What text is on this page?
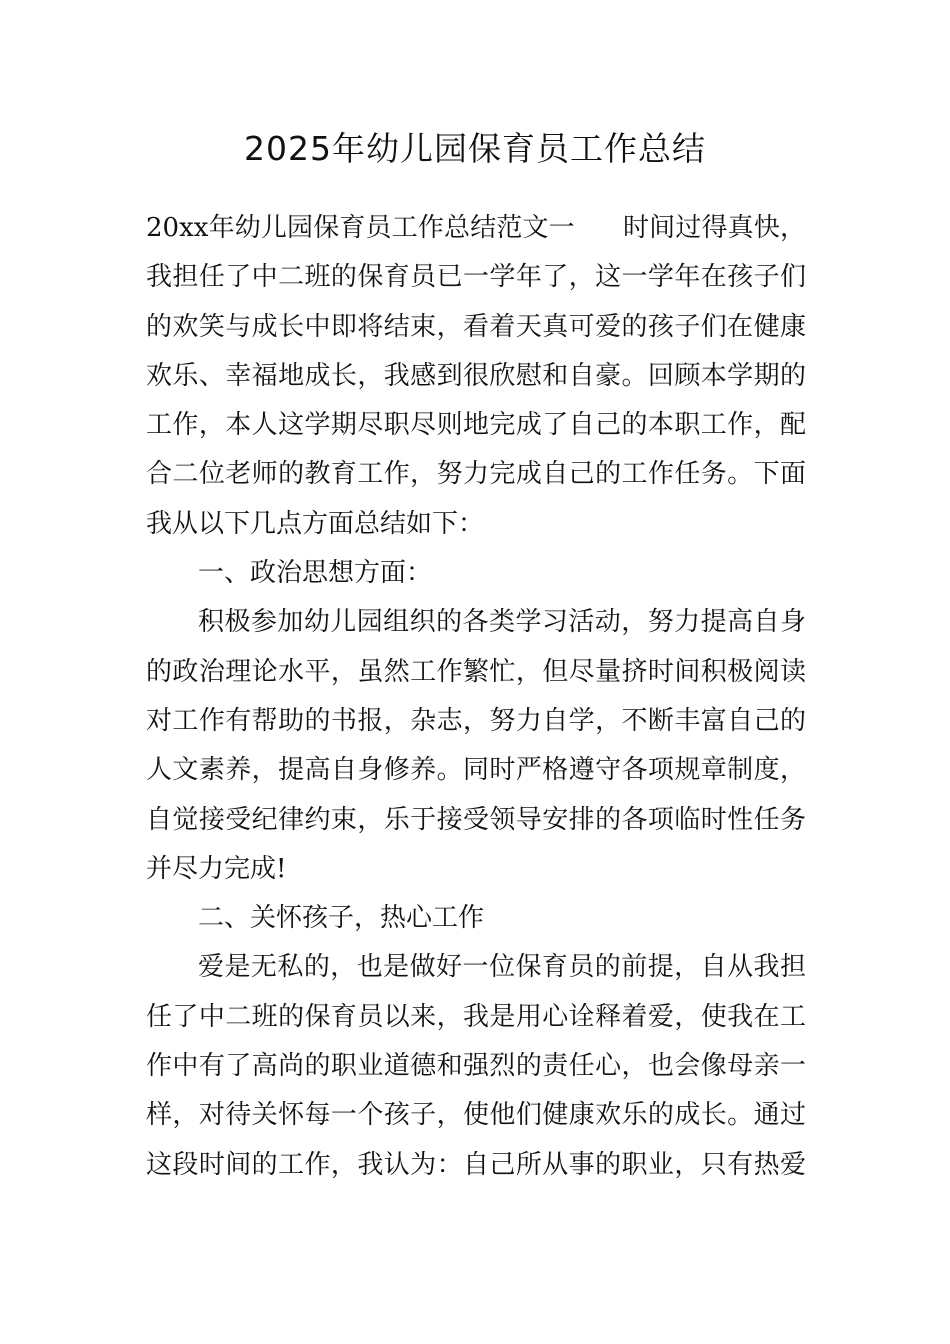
2025年幼儿园保育员工作总结
20xx年幼儿园保育员工作总结范文一 时间过得真快，
我担任了中二班的保育员已一学年了，这一学年在孩子们
的欢笑与成长中即将结束，看着天真可爱的孩子们在健康
欢乐、幸福地成长，我感到很欣慰和自豪。回顾本学期的
工作，本人这学期尽职尽则地完成了自己的本职工作，配
合二位老师的教育工作，努力完成自己的工作任务。下面
我从以下几点方面总结如下：
一、政治思想方面：
积极参加幼儿园组织的各类学习活动，努力提高自身
的政治理论水平，虽然工作繁忙，但尽量挤时间积极阅读
对工作有帮助的书报，杂志，努力自学，不断丰富自己的
人文素养，提高自身修养。同时严格遵守各项规章制度，
自觉接受纪律约束，乐于接受领导安排的各项临时性任务
并尽力完成!
二、关怀孩子，热心工作
爱是无私的，也是做好一位保育员的前提，自从我担
任了中二班的保育员以来，我是用心诠释着爱，使我在工
作中有了高尚的职业道德和强烈的责任心，也会像母亲一
样，对待关怀每一个孩子，使他们健康欢乐的成长。通过
这段时间的工作，我认为：自己所从事的职业，只有热爱
